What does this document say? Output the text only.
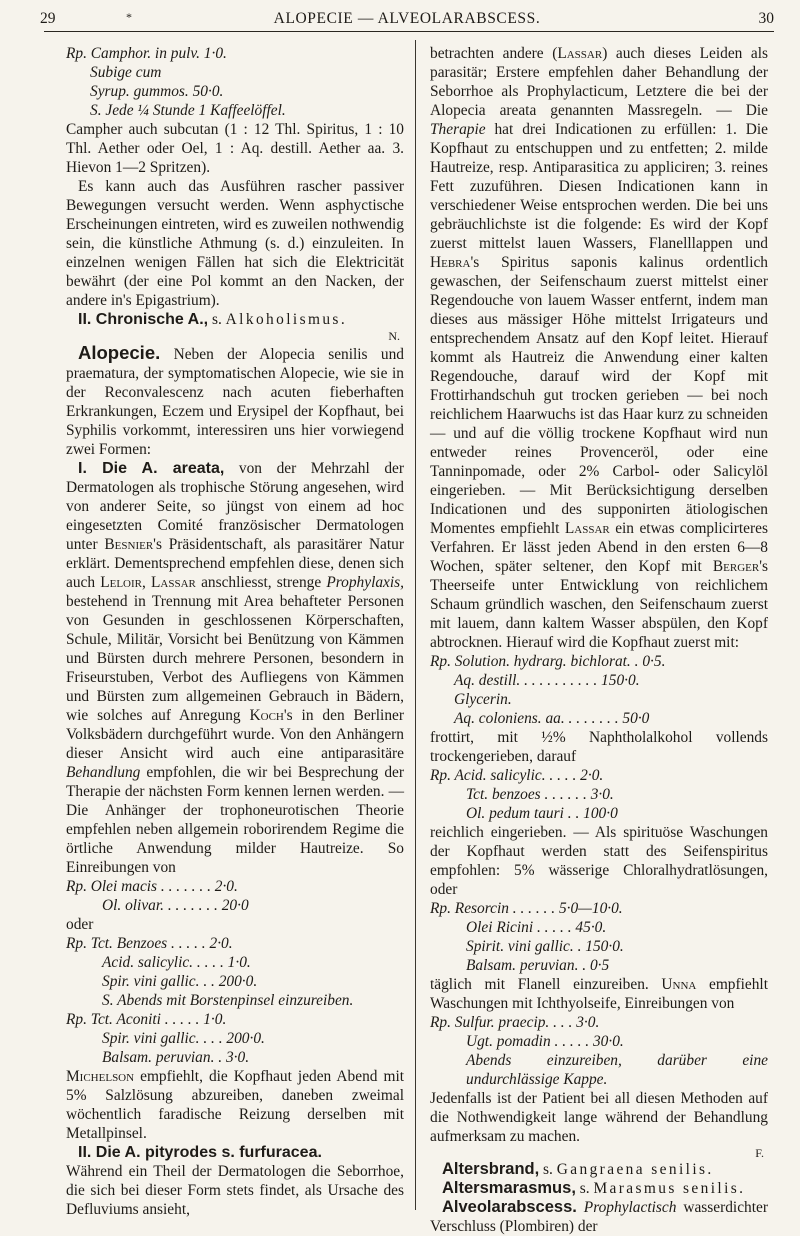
29	*	ALOPECIE — ALVEOLARABSCESS.	30

Rp. Camphor. in pulv. 1·0.

Subige cum

Syrup. gummos. 50·0.

S. Jede ¼ Stunde 1 Kaffeelöffel.

Campher auch subcutan (1 : 12 Thl. Spiritus, 1 : 10 Thl. Aether oder Oel, 1 : Aq. destill. Aether aa. 3. Hievon 1—2 Spritzen).

Es kann auch das Ausführen rascher passiver Bewegungen versucht werden. Wenn asphyctische Erscheinungen eintreten, wird es zuweilen nothwendig sein, die künstliche Athmung (s. d.) einzuleiten. In einzelnen wenigen Fällen hat sich die Elektricität bewährt (der eine Pol kommt an den Nacken, der andere in's Epigastrium).

II. Chronische A., s. Alkoholismus.

N.

Alopecie. Neben der Alopecia senilis und praematura, der symptomatischen Alopecie, wie sie in der Reconvalescenz nach acuten fieberhaften Erkrankungen, Eczem und Erysipel der Kopfhaut, bei Syphilis vorkommt, interessiren uns hier vorwiegend zwei Formen:

I. Die A. areata, von der Mehrzahl der Dermatologen als trophische Störung angesehen, wird von anderer Seite, so jüngst von einem ad hoc eingesetzten Comité französischer Dermatologen unter Besnier's Präsidentschaft, als parasitärer Natur erklärt. Dementsprechend empfehlen diese, denen sich auch Leloir, Lassar anschliesst, strenge Prophylaxis, bestehend in Trennung mit Area behafteter Personen von Gesunden in geschlossenen Körperschaften, Schule, Militär, Vorsicht bei Benützung von Kämmen und Bürsten durch mehrere Personen, besondern in Friseurstuben, Verbot des Aufliegens von Kämmen und Bürsten zum allgemeinen Gebrauch in Bädern, wie solches auf Anregung Koch's in den Berliner Volksbädern durchgeführt wurde. Von den Anhängern dieser Ansicht wird auch eine antiparasitäre Behandlung empfohlen, die wir bei Besprechung der Therapie der nächsten Form kennen lernen werden. — Die Anhänger der trophoneurotischen Theorie empfehlen neben allgemein roborirendem Regime die örtliche Anwendung milder Hautreize. So Einreibungen von

Rp. Olei macis . . . . . . . 2·0.

Ol. olivar. . . . . . . . 20·0

oder

Rp. Tct. Benzoes . . . . . 2·0.

Acid. salicylic. . . . . 1·0.

Spir. vini gallic. . . 200·0.

S. Abends mit Borstenpinsel einzureiben.

Rp. Tct. Aconiti . . . . . 1·0.

Spir. vini gallic. . . . 200·0.

Balsam. peruvian. . 3·0.

Michelson empfiehlt, die Kopfhaut jeden Abend mit 5% Salzlösung abzureiben, daneben zweimal wöchentlich faradische Reizung derselben mit Metallpinsel.

II. Die A. pityrodes s. furfuracea.

Während ein Theil der Dermatologen die Seborrhoe, die sich bei dieser Form stets findet, als Ursache des Defluviums ansieht,

betrachten andere (Lassar) auch dieses Leiden als parasitär; Erstere empfehlen daher Behandlung der Seborrhoe als Prophylacticum, Letztere die bei der Alopecia areata genannten Massregeln. — Die Therapie hat drei Indicationen zu erfüllen: 1. Die Kopfhaut zu entschuppen und zu entfetten; 2. milde Hautreize, resp. Antiparasitica zu appliciren; 3. reines Fett zuzuführen. Diesen Indicationen kann in verschiedener Weise entsprochen werden. Die bei uns gebräuchlichste ist die folgende: Es wird der Kopf zuerst mittelst lauen Wassers, Flanelllappen und Hebra's Spiritus saponis kalinus ordentlich gewaschen, der Seifenschaum zuerst mittelst einer Regendouche von lauem Wasser entfernt, indem man dieses aus mässiger Höhe mittelst Irrigateurs und entsprechendem Ansatz auf den Kopf leitet. Hierauf kommt als Hautreiz die Anwendung einer kalten Regendouche, darauf wird der Kopf mit Frottirhandschuh gut trocken gerieben — bei noch reichlichem Haarwuchs ist das Haar kurz zu schneiden — und auf die völlig trockene Kopfhaut wird nun entweder reines Provenceröl, oder eine Tanninpomade, oder 2% Carbol- oder Salicylöl eingerieben. — Mit Berücksichtigung derselben Indicationen und des supponirten ätiologischen Momentes empfiehlt Lassar ein etwas complicirteres Verfahren. Er lässt jeden Abend in den ersten 6—8 Wochen, später seltener, den Kopf mit Berger's Theerseife unter Entwicklung von reichlichem Schaum gründlich waschen, den Seifenschaum zuerst mit lauem, dann kaltem Wasser abspülen, den Kopf abtrocknen. Hierauf wird die Kopfhaut zuerst mit:

Rp. Solution. hydrarg. bichlorat. . 0·5.

Aq. destill. . . . . . . . . . . 150·0.

Glycerin.

Aq. coloniens. aa. . . . . . . . 50·0

frottirt, mit ½% Naphtholalkohol vollends trockengerieben, darauf

Rp. Acid. salicylic. . . . . 2·0.

Tct. benzoes . . . . . . 3·0.

Ol. pedum tauri . . 100·0

reichlich eingerieben. — Als spirituöse Waschungen der Kopfhaut werden statt des Seifenspiritus empfohlen: 5% wässerige Chloralhydratlösungen, oder

Rp. Resorcin . . . . . . 5·0—10·0.

Olei Ricini . . . . . 45·0.

Spirit. vini gallic. . 150·0.

Balsam. peruvian. . 0·5

täglich mit Flanell einzureiben. Unna empfiehlt Waschungen mit Ichthyolseife, Einreibungen von

Rp. Sulfur. praecip. . . . 3·0.

Ugt. pomadin . . . . . 30·0.

Abends einzureiben, darüber eine undurchlässige Kappe.

Jedenfalls ist der Patient bei all diesen Methoden auf die Nothwendigkeit lange während der Behandlung aufmerksam zu machen.

F.

Altersbrand, s. Gangraena senilis.

Altersmarasmus, s. Marasmus senilis.

Alveolarabscess. Prophylactisch wasserdichter Verschluss (Plombiren) der
